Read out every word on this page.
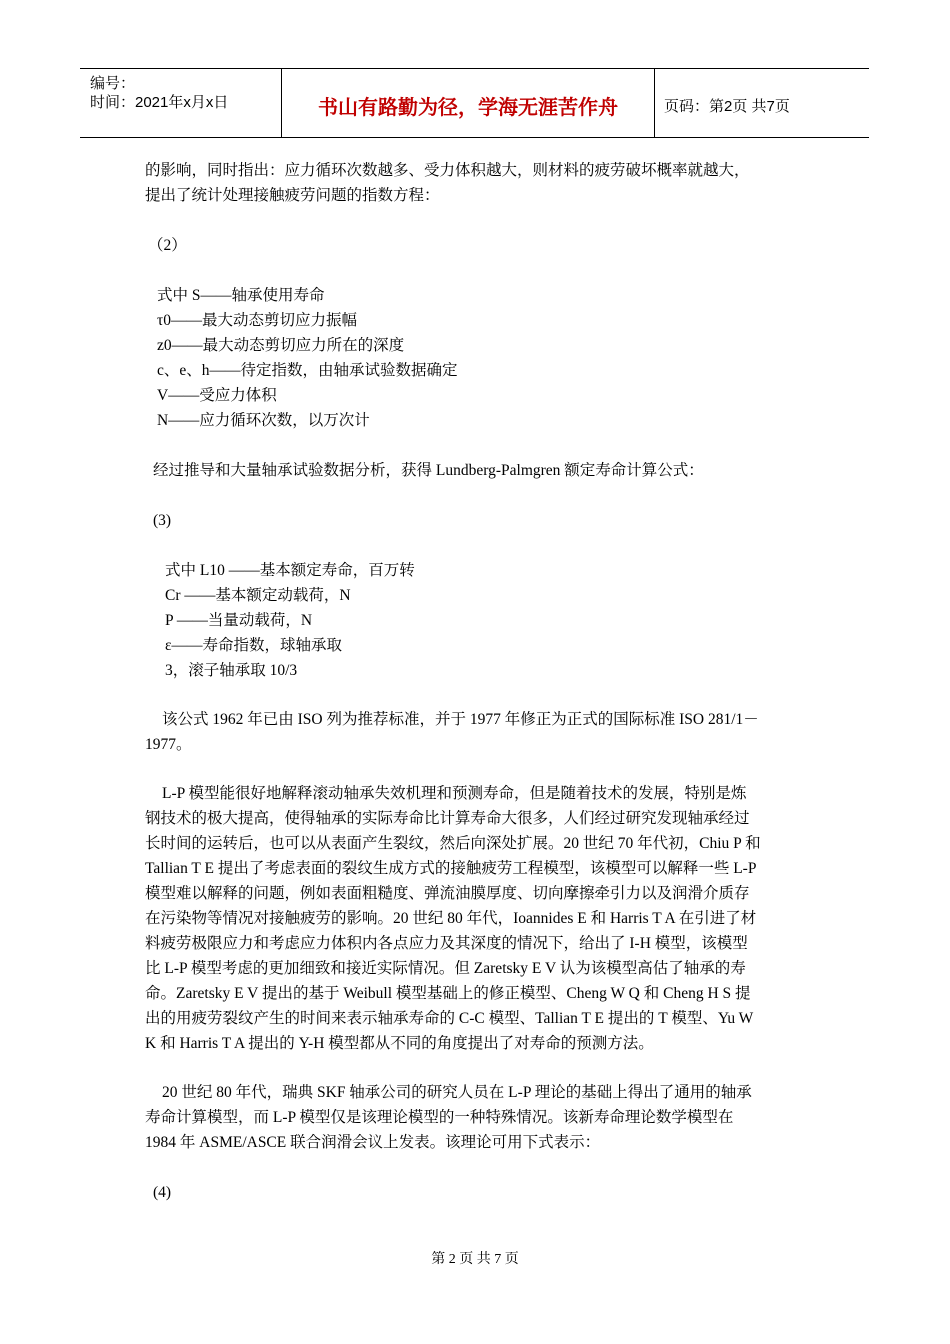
编号：
时间：2021年x月x日	书山有路勤为径，学海无涯苦作舟	页码：第2页 共7页
的影响，同时指出：应力循环次数越多、受力体积越大，则材料的疲劳破坏概率就越大，
提出了统计处理接触疲劳问题的指数方程：
（2）
式中 S——轴承使用寿命
τ0——最大动态剪切应力振幅
z0——最大动态剪切应力所在的深度
c、e、h——待定指数，由轴承试验数据确定
V——受应力体积
N——应力循环次数，以万次计
经过推导和大量轴承试验数据分析，获得 Lundberg-Palmgren 额定寿命计算公式：
(3)
式中 L10 ——基本额定寿命，百万转
Cr ——基本额定动载荷，N
P ——当量动载荷，N
ε——寿命指数，球轴承取
3，滚子轴承取 10/3
该公式 1962 年已由 ISO 列为推荐标准，并于 1977 年修正为正式的国际标准 ISO 281/1－
1977。
L-P 模型能很好地解释滚动轴承失效机理和预测寿命，但是随着技术的发展，特别是炼
钢技术的极大提高，使得轴承的实际寿命比计算寿命大很多，人们经过研究发现轴承经过
长时间的运转后，也可以从表面产生裂纹，然后向深处扩展。20 世纪 70 年代初，Chiu P 和
Tallian T E 提出了考虑表面的裂纹生成方式的接触疲劳工程模型，该模型可以解释一些 L-P
模型难以解释的问题，例如表面粗糙度、弹流油膜厚度、切向摩擦牵引力以及润滑介质存
在污染物等情况对接触疲劳的影响。20 世纪 80 年代，Ioannides E 和 Harris T A 在引进了材
料疲劳极限应力和考虑应力体积内各点应力及其深度的情况下，给出了 I-H 模型，该模型
比 L-P 模型考虑的更加细致和接近实际情况。但 Zaretsky E V 认为该模型高估了轴承的寿
命。Zaretsky E V 提出的基于 Weibull 模型基础上的修正模型、Cheng W Q 和 Cheng H S 提
出的用疲劳裂纹产生的时间来表示轴承寿命的 C-C 模型、Tallian T E 提出的 T 模型、Yu W
K 和 Harris T A 提出的 Y-H 模型都从不同的角度提出了对寿命的预测方法。
20 世纪 80 年代，瑞典 SKF 轴承公司的研究人员在 L-P 理论的基础上得出了通用的轴承
寿命计算模型，而 L-P 模型仅是该理论模型的一种特殊情况。该新寿命理论数学模型在
1984 年 ASME/ASCE 联合润滑会议上发表。该理论可用下式表示：
(4)
第 2 页 共 7 页
